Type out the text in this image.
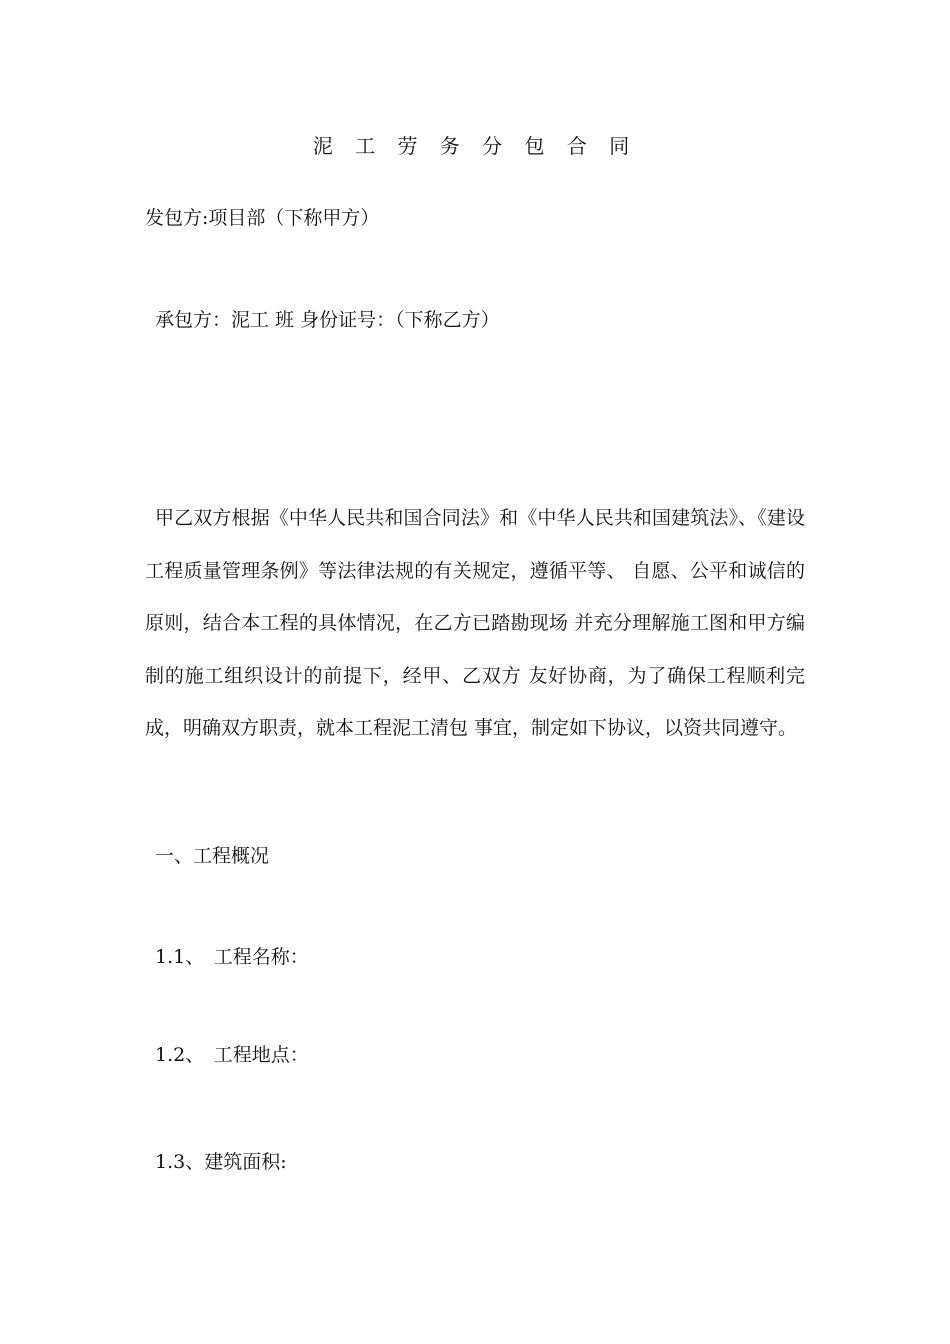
泥 工 劳 务 分 包 合 同
发包方:项目部（下称甲方）
承包方：泥工 班 身份证号：（下称乙方）
甲乙双方根据《中华人民共和国合同法》和《中华人民共和国建筑法》、《建设工程质量管理条例》等法律法规的有关规定，遵循平等、 自愿、公平和诚信的原则，结合本工程的具体情况，在乙方已踏勘现场 并充分理解施工图和甲方编制的施工组织设计的前提下，经甲、乙双方 友好协商，为了确保工程顺利完成，明确双方职责，就本工程泥工清包 事宜，制定如下协议，以资共同遵守。
一、工程概况
1.1、　工程名称：
1.2、　工程地点：
1.3、建筑面积:
